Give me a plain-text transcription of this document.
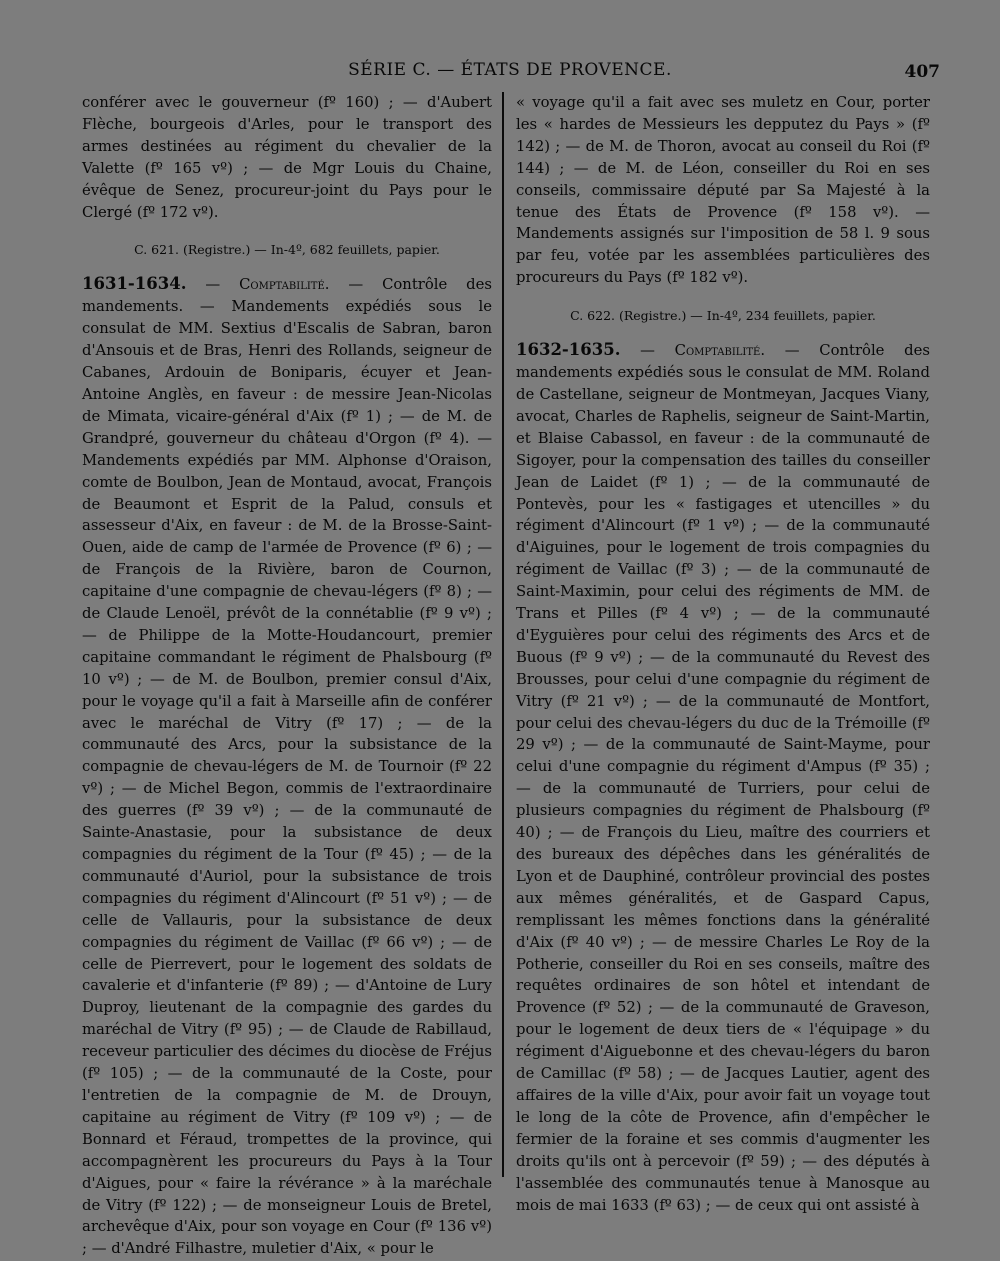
SÉRIE C. — ÉTATS DE PROVENCE.	407

conférer avec le gouverneur (fº 160) ; — d'Aubert Flèche, bourgeois d'Arles, pour le transport des armes destinées au régiment du chevalier de la Valette (fº 165 vº) ; — de Mgr Louis du Chaine, évêque de Senez, procureur-joint du Pays pour le Clergé (fº 172 vº).

C. 621. (Registre.) — In-4º, 682 feuillets, papier.

1631-1634. — Comptabilité. — Contrôle des mandements. — Mandements expédiés sous le consulat de MM. Sextius d'Escalis de Sabran, baron d'Ansouis et de Bras, Henri des Rollands, seigneur de Cabanes, Ardouin de Boniparis, écuyer et Jean-Antoine Anglès, en faveur : de messire Jean-Nicolas de Mimata, vicaire-général d'Aix (fº 1) ; — de M. de Grandpré, gouverneur du château d'Orgon (fº 4). — Mandements expédiés par MM. Alphonse d'Oraison, comte de Boulbon, Jean de Montaud, avocat, François de Beaumont et Esprit de la Palud, consuls et assesseur d'Aix, en faveur : de M. de la Brosse-Saint-Ouen, aide de camp de l'armée de Provence (fº 6) ; — de François de la Rivière, baron de Cournon, capitaine d'une compagnie de chevau-légers (fº 8) ; — de Claude Lenoël, prévôt de la connétablie (fº 9 vº) ; — de Philippe de la Motte-Houdancourt, premier capitaine commandant le régiment de Phalsbourg (fº 10 vº) ; — de M. de Boulbon, premier consul d'Aix, pour le voyage qu'il a fait à Marseille afin de conférer avec le maréchal de Vitry (fº 17) ; — de la communauté des Arcs, pour la subsistance de la compagnie de chevau-légers de M. de Tournoir (fº 22 vº) ; — de Michel Begon, commis de l'extraordinaire des guerres (fº 39 vº) ; — de la communauté de Sainte-Anastasie, pour la subsistance de deux compagnies du régiment de la Tour (fº 45) ; — de la communauté d'Auriol, pour la subsistance de trois compagnies du régiment d'Alincourt (fº 51 vº) ; — de celle de Vallauris, pour la subsistance de deux compagnies du régiment de Vaillac (fº 66 vº) ; — de celle de Pierrevert, pour le logement des soldats de cavalerie et d'infanterie (fº 89) ; — d'Antoine de Lury Duproy, lieutenant de la compagnie des gardes du maréchal de Vitry (fº 95) ; — de Claude de Rabillaud, receveur particulier des décimes du diocèse de Fréjus (fº 105) ; — de la communauté de la Coste, pour l'entretien de la compagnie de M. de Drouyn, capitaine au régiment de Vitry (fº 109 vº) ; — de Bonnard et Féraud, trompettes de la province, qui accompagnèrent les procureurs du Pays à la Tour d'Aigues, pour « faire la révérance » à la maréchale de Vitry (fº 122) ; — de monseigneur Louis de Bretel, archevêque d'Aix, pour son voyage en Cour (fº 136 vº) ; — d'André Filhastre, muletier d'Aix, « pour le

« voyage qu'il a fait avec ses muletz en Cour, porter les « hardes de Messieurs les depputez du Pays » (fº 142) ; — de M. de Thoron, avocat au conseil du Roi (fº 144) ; — de M. de Léon, conseiller du Roi en ses conseils, commissaire député par Sa Majesté à la tenue des États de Provence (fº 158 vº). — Mandements assignés sur l'imposition de 58 l. 9 sous par feu, votée par les assemblées particulières des procureurs du Pays (fº 182 vº).

C. 622. (Registre.) — In-4º, 234 feuillets, papier.

1632-1635. — Comptabilité. — Contrôle des mandements expédiés sous le consulat de MM. Roland de Castellane, seigneur de Montmeyan, Jacques Viany, avocat, Charles de Raphelis, seigneur de Saint-Martin, et Blaise Cabassol, en faveur : de la communauté de Sigoyer, pour la compensation des tailles du conseiller Jean de Laidet (fº 1) ; — de la communauté de Pontevès, pour les « fastigages et utencilles » du régiment d'Alincourt (fº 1 vº) ; — de la communauté d'Aiguines, pour le logement de trois compagnies du régiment de Vaillac (fº 3) ; — de la communauté de Saint-Maximin, pour celui des régiments de MM. de Trans et Pilles (fº 4 vº) ; — de la communauté d'Eyguières pour celui des régiments des Arcs et de Buous (fº 9 vº) ; — de la communauté du Revest des Brousses, pour celui d'une compagnie du régiment de Vitry (fº 21 vº) ; — de la communauté de Montfort, pour celui des chevau-légers du duc de la Trémoille (fº 29 vº) ; — de la communauté de Saint-Mayme, pour celui d'une compagnie du régiment d'Ampus (fº 35) ; — de la communauté de Turriers, pour celui de plusieurs compagnies du régiment de Phalsbourg (fº 40) ; — de François du Lieu, maître des courriers et des bureaux des dépêches dans les généralités de Lyon et de Dauphiné, contrôleur provincial des postes aux mêmes généralités, et de Gaspard Capus, remplissant les mêmes fonctions dans la généralité d'Aix (fº 40 vº) ; — de messire Charles Le Roy de la Potherie, conseiller du Roi en ses conseils, maître des requêtes ordinaires de son hôtel et intendant de Provence (fº 52) ; — de la communauté de Graveson, pour le logement de deux tiers de « l'équipage » du régiment d'Aiguebonne et des chevau-légers du baron de Camillac (fº 58) ; — de Jacques Lautier, agent des affaires de la ville d'Aix, pour avoir fait un voyage tout le long de la côte de Provence, afin d'empêcher le fermier de la foraine et ses commis d'augmenter les droits qu'ils ont à percevoir (fº 59) ; — des députés à l'assemblée des communautés tenue à Manosque au mois de mai 1633 (fº 63) ; — de ceux qui ont assisté à
